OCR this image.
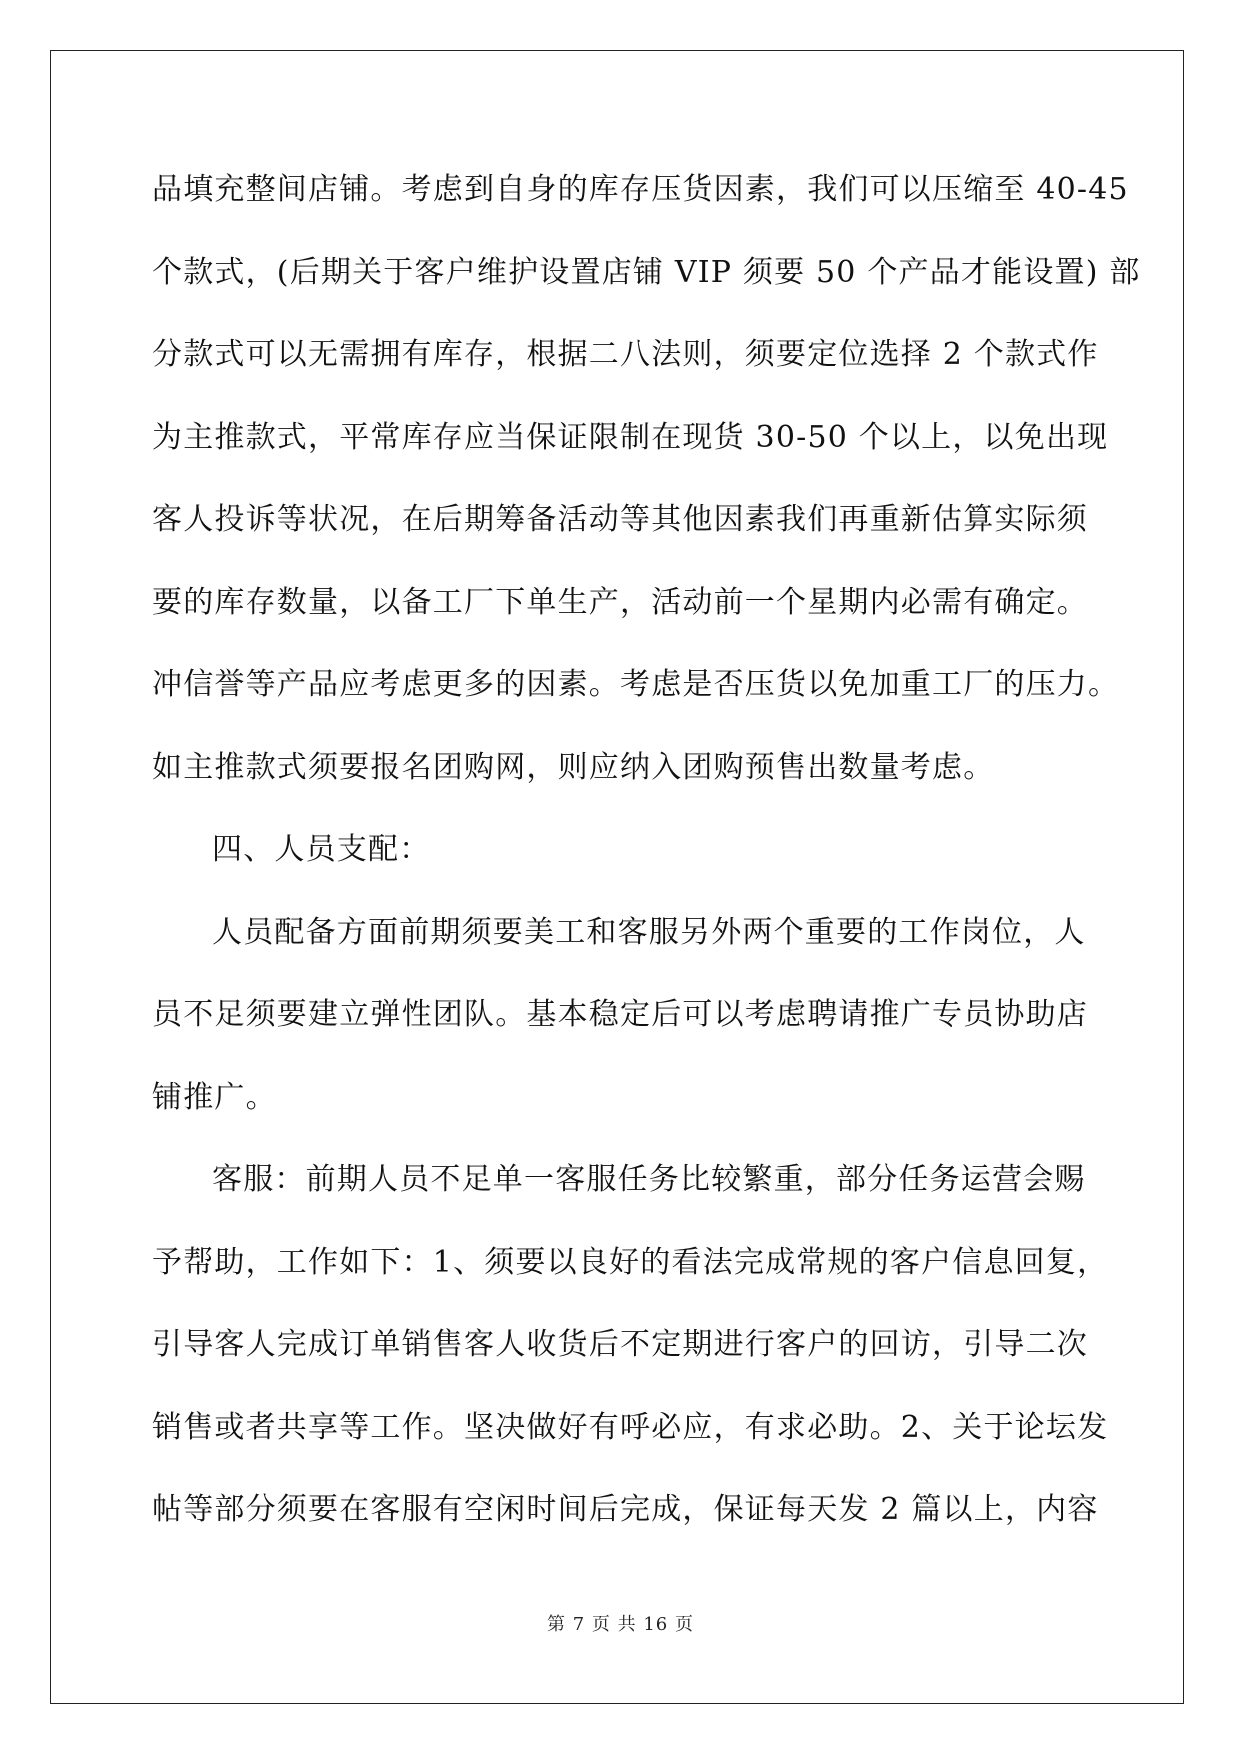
品填充整间店铺。考虑到自身的库存压货因素，我们可以压缩至 40-45
个款式，(后期关于客户维护设置店铺 VIP 须要 50 个产品才能设置) 部
分款式可以无需拥有库存，根据二八法则，须要定位选择 2 个款式作
为主推款式，平常库存应当保证限制在现货 30-50 个以上，以免出现
客人投诉等状况，在后期筹备活动等其他因素我们再重新估算实际须
要的库存数量，以备工厂下单生产，活动前一个星期内必需有确定。
冲信誉等产品应考虑更多的因素。考虑是否压货以免加重工厂的压力。
如主推款式须要报名团购网，则应纳入团购预售出数量考虑。
四、人员支配：
人员配备方面前期须要美工和客服另外两个重要的工作岗位，人
员不足须要建立弹性团队。基本稳定后可以考虑聘请推广专员协助店
铺推广。
客服：前期人员不足单一客服任务比较繁重，部分任务运营会赐
予帮助，工作如下：1、须要以良好的看法完成常规的客户信息回复，
引导客人完成订单销售客人收货后不定期进行客户的回访，引导二次
销售或者共享等工作。坚决做好有呼必应，有求必助。2、关于论坛发
帖等部分须要在客服有空闲时间后完成，保证每天发 2 篇以上，内容
第 7 页 共 16 页
